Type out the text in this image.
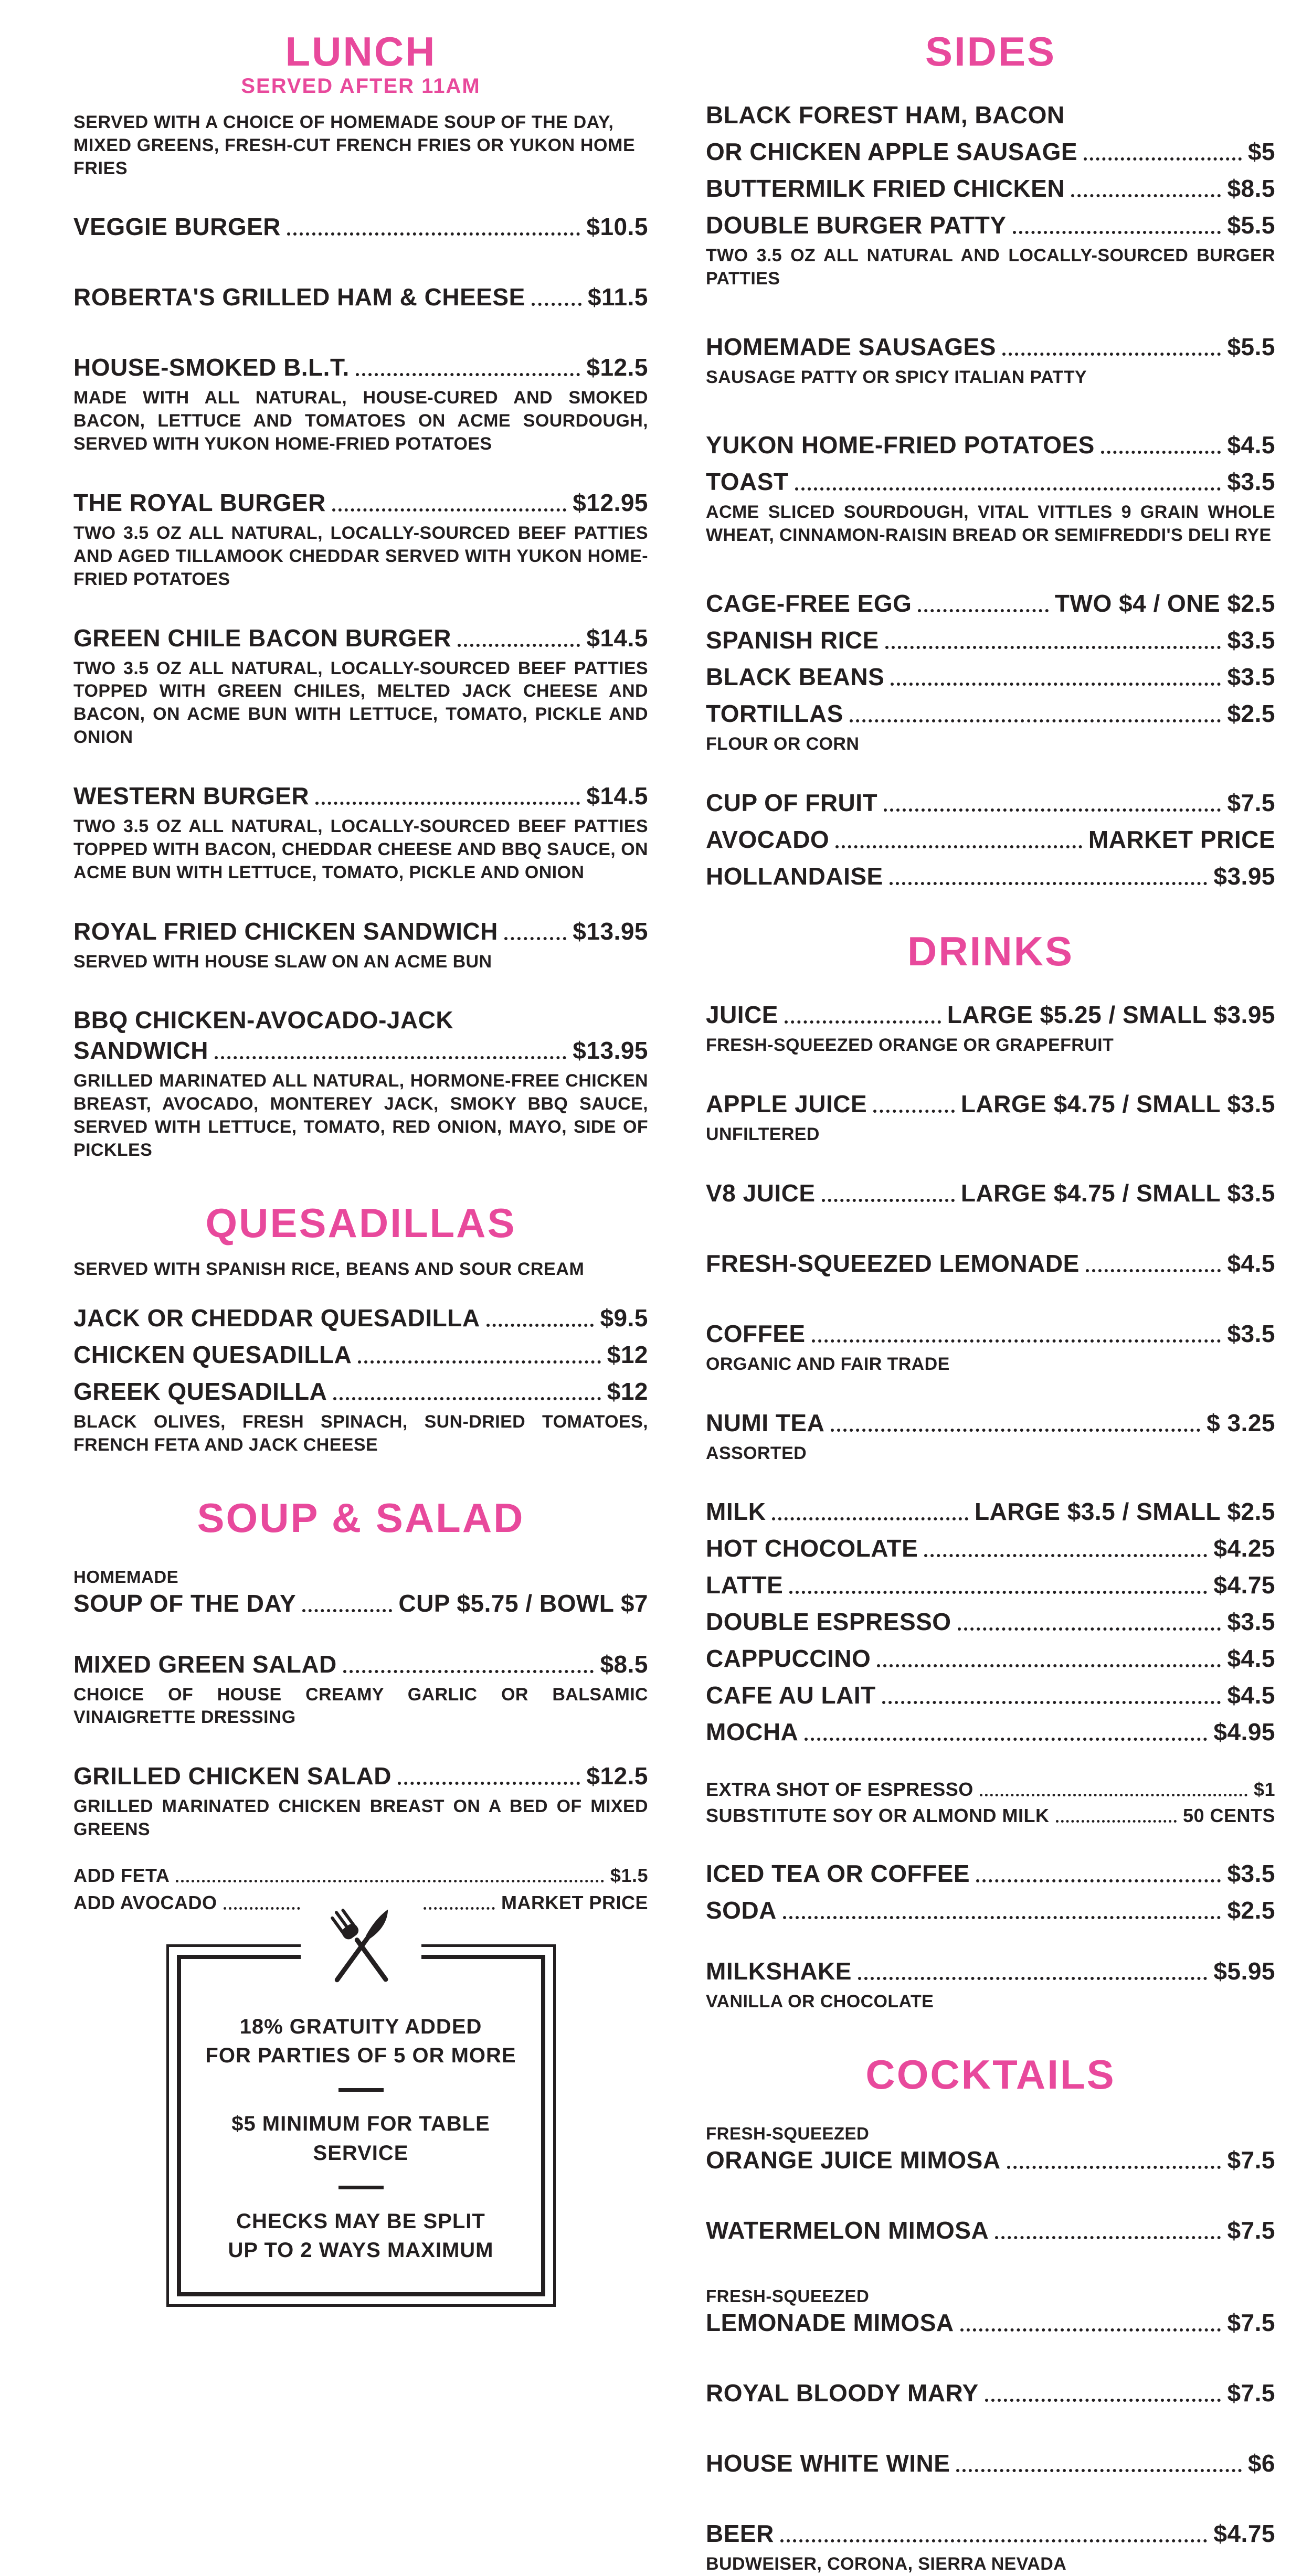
LUNCH
SERVED AFTER 11AM

SERVED WITH A CHOICE OF HOMEMADE SOUP OF THE DAY, MIXED GREENS, FRESH-CUT FRENCH FRIES OR YUKON HOME FRIES

VEGGIE BURGER	$10.5
ROBERTA'S GRILLED HAM & CHEESE	$11.5
HOUSE-SMOKED B.L.T.	$12.5

MADE WITH ALL NATURAL, HOUSE-CURED AND SMOKED BACON, LETTUCE AND TOMATOES ON ACME SOURDOUGH, SERVED WITH YUKON HOME-FRIED POTATOES

THE ROYAL BURGER	$12.95

TWO 3.5 OZ ALL NATURAL, LOCALLY-SOURCED BEEF PATTIES AND AGED TILLAMOOK CHEDDAR SERVED WITH YUKON HOME-FRIED POTATOES

GREEN CHILE BACON BURGER	$14.5

TWO 3.5 OZ ALL NATURAL, LOCALLY-SOURCED BEEF PATTIES TOPPED WITH GREEN CHILES, MELTED JACK CHEESE AND BACON, ON ACME BUN WITH LETTUCE, TOMATO, PICKLE AND ONION

WESTERN BURGER	$14.5

TWO 3.5 OZ ALL NATURAL, LOCALLY-SOURCED BEEF PATTIES TOPPED WITH BACON, CHEDDAR CHEESE AND BBQ SAUCE, ON ACME BUN WITH LETTUCE, TOMATO, PICKLE AND ONION

ROYAL FRIED CHICKEN SANDWICH	$13.95

SERVED WITH HOUSE SLAW ON AN ACME BUN

BBQ CHICKEN-AVOCADO-JACK
SANDWICH	$13.95

GRILLED MARINATED ALL NATURAL, HORMONE-FREE CHICKEN BREAST, AVOCADO, MONTEREY JACK, SMOKY BBQ SAUCE, SERVED WITH LETTUCE, TOMATO, RED ONION, MAYO, SIDE OF PICKLES

QUESADILLAS

SERVED WITH SPANISH RICE, BEANS AND SOUR CREAM

JACK OR CHEDDAR QUESADILLA	$9.5
CHICKEN QUESADILLA	$12
GREEK QUESADILLA	$12

BLACK OLIVES, FRESH SPINACH, SUN-DRIED TOMATOES, FRENCH FETA AND JACK CHEESE

SOUP & SALAD
HOMEMADE
SOUP OF THE DAY	CUP $5.75 / BOWL $7
MIXED GREEN SALAD	$8.5

CHOICE OF HOUSE CREAMY GARLIC OR BALSAMIC VINAIGRETTE DRESSING

GRILLED CHICKEN SALAD	$12.5

GRILLED MARINATED CHICKEN BREAST ON A BED OF MIXED GREENS

ADD FETA	$1.5
ADD AVOCADO	MARKET PRICE
18% GRATUITY ADDED
FOR PARTIES OF 5 OR MORE
$5 MINIMUM FOR TABLE SERVICE
CHECKS MAY BE SPLIT
UP TO 2 WAYS MAXIMUM
SIDES
BLACK FOREST HAM, BACON
OR CHICKEN APPLE SAUSAGE	$5
BUTTERMILK FRIED CHICKEN	$8.5
DOUBLE BURGER PATTY	$5.5

TWO 3.5 OZ ALL NATURAL AND LOCALLY-SOURCED BURGER PATTIES

HOMEMADE SAUSAGES	$5.5

SAUSAGE PATTY OR SPICY ITALIAN PATTY

YUKON HOME-FRIED POTATOES	$4.5
TOAST	$3.5

ACME SLICED SOURDOUGH, VITAL VITTLES 9 GRAIN WHOLE WHEAT, CINNAMON-RAISIN BREAD OR SEMIFREDDI'S DELI RYE

CAGE-FREE EGG	TWO $4 / ONE $2.5
SPANISH RICE	$3.5
BLACK BEANS	$3.5
TORTILLAS	$2.5

FLOUR OR CORN

CUP OF FRUIT	$7.5
AVOCADO	MARKET PRICE
HOLLANDAISE	$3.95
DRINKS
JUICE	LARGE $5.25 / SMALL $3.95

FRESH-SQUEEZED ORANGE OR GRAPEFRUIT

APPLE JUICE	LARGE $4.75 / SMALL $3.5

UNFILTERED

V8 JUICE	LARGE $4.75 / SMALL $3.5
FRESH-SQUEEZED LEMONADE	$4.5
COFFEE	$3.5

ORGANIC AND FAIR TRADE

NUMI TEA	$ 3.25

ASSORTED

MILK	LARGE $3.5 / SMALL $2.5
HOT CHOCOLATE	$4.25
LATTE	$4.75
DOUBLE ESPRESSO	$3.5
CAPPUCCINO	$4.5
CAFE AU LAIT	$4.5
MOCHA	$4.95
EXTRA SHOT OF ESPRESSO	$1
SUBSTITUTE SOY OR ALMOND MILK	50 CENTS
ICED TEA OR COFFEE	$3.5
SODA	$2.5
MILKSHAKE	$5.95

VANILLA OR CHOCOLATE

COCKTAILS
FRESH-SQUEEZED
ORANGE JUICE MIMOSA	$7.5
WATERMELON MIMOSA	$7.5
FRESH-SQUEEZED
LEMONADE MIMOSA	$7.5
ROYAL BLOODY MARY	$7.5
HOUSE WHITE WINE	$6
BEER	$4.75

BUDWEISER, CORONA, SIERRA NEVADA
